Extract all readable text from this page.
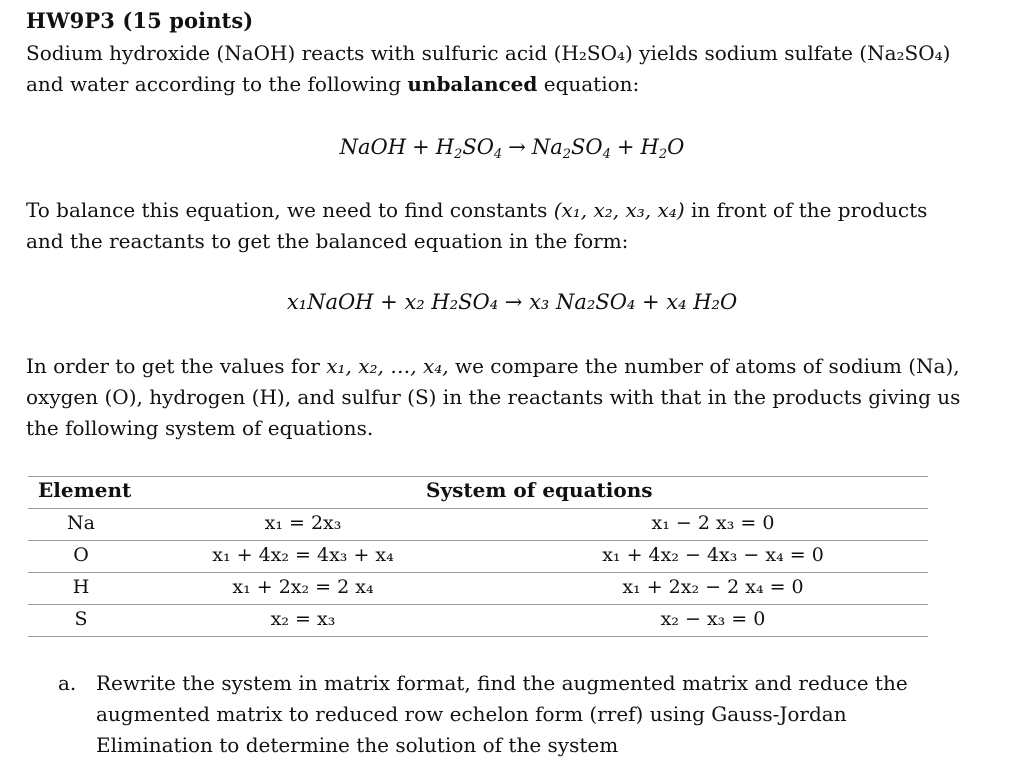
HW9P3 (15 points)
Sodium hydroxide (NaOH) reacts with sulfuric acid (H₂SO₄) yields sodium sulfate (Na₂SO₄)
and water according to the following unbalanced equation:
NaOH + $H_2SO_4 \to Na_2SO_4 + H_2O$
To balance this equation, we need to find constants (x₁, x₂, x₃, x₄) in front of the products
and the reactants to get the balanced equation in the form:
x₁NaOH + x₂ H₂SO₄ → x₃ Na₂SO₄ + x₄ H₂O
In order to get the values for x₁, x₂, …, x₄, we compare the number of atoms of sodium (Na),
oxygen (O), hydrogen (H), and sulfur (S) in the reactants with that in the products giving us
the following system of equations.
Element	System of equations
Na	x₁ = 2x₃	x₁ − 2 x₃ = 0
O	x₁ + 4x₂ = 4x₃ + x₄	x₁ + 4x₂ − 4x₃ − x₄ = 0
H	x₁ + 2x₂ = 2 x₄	x₁ + 2x₂ − 2 x₄ = 0
S	x₂ = x₃	x₂ − x₃ = 0
a. Rewrite the system in matrix format, find the augmented matrix and reduce the
augmented matrix to reduced row echelon form (rref) using Gauss-Jordan
Elimination to determine the solution of the system
